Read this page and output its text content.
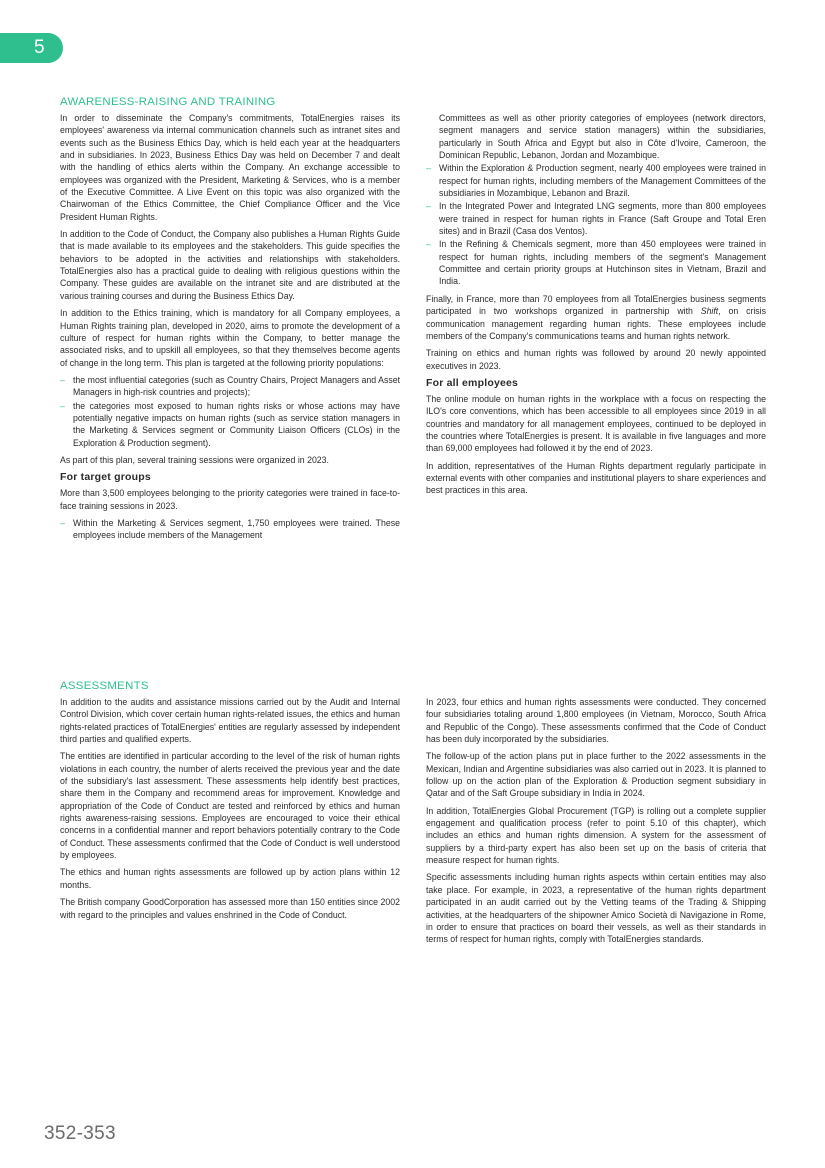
5
AWARENESS-RAISING AND TRAINING

In order to disseminate the Company's commitments, TotalEnergies raises its employees' awareness via internal communication channels such as intranet sites and events such as the Business Ethics Day, which is held each year at the headquarters and in subsidiaries. In 2023, Business Ethics Day was held on December 7 and dealt with the handling of ethics alerts within the Company. An exchange accessible to employees was organized with the President, Marketing & Services, who is a member of the Executive Committee. A Live Event on this topic was also organized with the Chairwoman of the Ethics Committee, the Chief Compliance Officer and the Vice President Human Rights.

In addition to the Code of Conduct, the Company also publishes a Human Rights Guide that is made available to its employees and the stakeholders. This guide specifies the behaviors to be adopted in the activities and relationships with stakeholders. TotalEnergies also has a practical guide to dealing with religious questions within the Company. These guides are available on the intranet site and are distributed at the various training courses and during the Business Ethics Day.

In addition to the Ethics training, which is mandatory for all Company employees, a Human Rights training plan, developed in 2020, aims to promote the development of a culture of respect for human rights within the Company, to better manage the associated risks, and to upskill all employees, so that they themselves become agents of change in the long term. This plan is targeted at the following priority populations:

– the most influential categories (such as Country Chairs, Project Managers and Asset Managers in high-risk countries and projects);
– the categories most exposed to human rights risks or whose actions may have potentially negative impacts on human rights (such as service station managers in the Marketing & Services segment or Community Liaison Officers (CLOs) in the Exploration & Production segment).

As part of this plan, several training sessions were organized in 2023.

For target groups

More than 3,500 employees belonging to the priority categories were trained in face-to-face training sessions in 2023.

– Within the Marketing & Services segment, 1,750 employees were trained. These employees include members of the Management
Committees as well as other priority categories of employees (network directors, segment managers and service station managers) within the subsidiaries, particularly in South Africa and Egypt but also in Côte d'Ivoire, Cameroon, the Dominican Republic, Lebanon, Jordan and Mozambique.
– Within the Exploration & Production segment, nearly 400 employees were trained in respect for human rights, including members of the Management Committees of the subsidiaries in Mozambique, Lebanon and Brazil.
– In the Integrated Power and Integrated LNG segments, more than 800 employees were trained in respect for human rights in France (Saft Groupe and Total Eren sites) and in Brazil (Casa dos Ventos).
– In the Refining & Chemicals segment, more than 450 employees were trained in respect for human rights, including members of the segment's Management Committee and certain priority groups at Hutchinson sites in Vietnam, Brazil and India.

Finally, in France, more than 70 employees from all TotalEnergies business segments participated in two workshops organized in partnership with Shift, on crisis communication management regarding human rights. These employees include members of the Company's communications teams and human rights network.

Training on ethics and human rights was followed by around 20 newly appointed executives in 2023.

For all employees

The online module on human rights in the workplace with a focus on respecting the ILO's core conventions, which has been accessible to all employees since 2019 in all countries and mandatory for all management employees, continued to be deployed in the countries where TotalEnergies is present. It is available in five languages and more than 69,000 employees had followed it by the end of 2023.

In addition, representatives of the Human Rights department regularly participate in external events with other companies and institutional players to share experiences and best practices in this area.

ASSESSMENTS

In addition to the audits and assistance missions carried out by the Audit and Internal Control Division, which cover certain human rights-related issues, the ethics and human rights-related practices of TotalEnergies' entities are regularly assessed by independent third parties and qualified experts.

The entities are identified in particular according to the level of the risk of human rights violations in each country, the number of alerts received the previous year and the date of the subsidiary's last assessment. These assessments help identify best practices, share them in the Company and recommend areas for improvement. Knowledge and appropriation of the Code of Conduct are tested and reinforced by ethics and human rights awareness-raising sessions. Employees are encouraged to voice their ethical concerns in a confidential manner and report behaviors potentially contrary to the Code of Conduct. These assessments confirmed that the Code of Conduct is well understood by employees.

The ethics and human rights assessments are followed up by action plans within 12 months.

The British company GoodCorporation has assessed more than 150 entities since 2002 with regard to the principles and values enshrined in the Code of Conduct.

In 2023, four ethics and human rights assessments were conducted. They concerned four subsidiaries totaling around 1,800 employees (in Vietnam, Morocco, South Africa and Republic of the Congo). These assessments confirmed that the Code of Conduct has been duly incorporated by the subsidiaries.

The follow-up of the action plans put in place further to the 2022 assessments in the Mexican, Indian and Argentine subsidiaries was also carried out in 2023. It is planned to follow up on the action plan of the Exploration & Production segment subsidiary in Qatar and of the Saft Groupe subsidiary in India in 2024.

In addition, TotalEnergies Global Procurement (TGP) is rolling out a complete supplier engagement and qualification process (refer to point 5.10 of this chapter), which includes an ethics and human rights dimension. A system for the assessment of suppliers by a third-party expert has also been set up on the basis of criteria that measure respect for human rights.

Specific assessments including human rights aspects within certain entities may also take place. For example, in 2023, a representative of the human rights department participated in an audit carried out by the Vetting teams of the Trading & Shipping activities, at the headquarters of the shipowner Amico Società di Navigazione in Rome, in order to ensure that practices on board their vessels, as well as their standards in terms of respect for human rights, comply with TotalEnergies standards.

352-353
